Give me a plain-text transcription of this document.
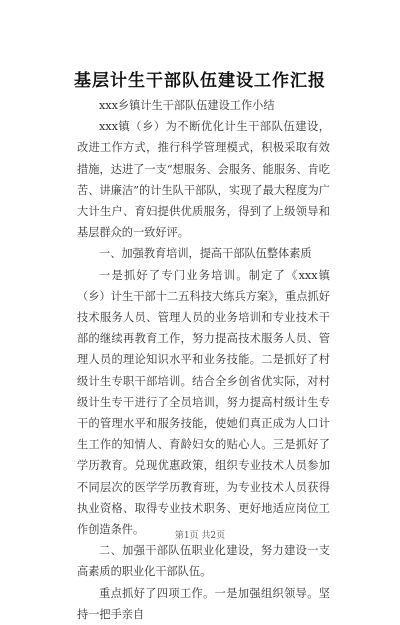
基层计生干部队伍建设工作汇报

xxx乡镇计生干部队伍建设工作小结

xxx镇（乡）为不断优化计生干部队伍建设，改进工作方式，推行科学管理模式，积极采取有效措施，达进了一支“想服务、会服务、能服务、肯吃苦、讲廉洁”的计生队干部队，实现了最大程度为广大计生户、育妇提供优质服务，得到了上级领导和基层群众的一致好评。

一、加强教育培训，提高干部队伍整体素质

一是抓好了专门业务培训。制定了《xxx镇（乡）计生干部十二五科技大练兵方案》，重点抓好技术服务人员、管理人员的业务培训和专业技术干部的继续再教育工作，努力提高技术服务人员、管理人员的理论知识水平和业务技能。二是抓好了村级计生专职干部培训。结合全乡创省优实际，对村级计生专干进行了全员培训，努力提高村级计生专干的管理水平和服务技能，使她们真正成为人口计生工作的知情人、育龄妇女的贴心人。三是抓好了学历教育。兑现优惠政策，组织专业技术人员参加不同层次的医学学历教育班，为专业技术人员获得执业资格、取得专业技术职务、更好地适应岗位工作创造条件。

二、加强干部队伍职业化建设，努力建设一支高素质的职业化干部队伍。

重点抓好了四项工作。一是加强组织领导。坚持一把手亲自

第1页 共2页
